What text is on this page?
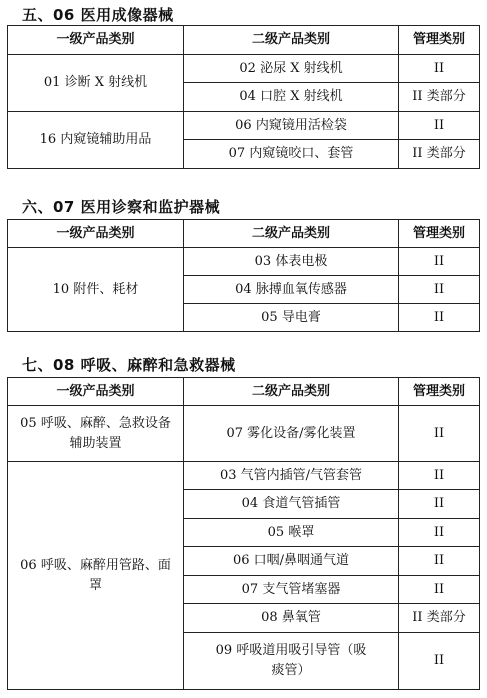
五、06 医用成像器械
一级产品类别	二级产品类别	管理类别
01 诊断 X 射线机	02 泌尿 X 射线机	II
	04 口腔 X 射线机	II 类部分
16 内窥镜辅助用品	06 内窥镜用活检袋	II
	07 内窥镜咬口、套管	II 类部分
六、07 医用诊察和监护器械
一级产品类别	二级产品类别	管理类别
10 附件、耗材	03 体表电极	II
	04 脉搏血氧传感器	II
	05 导电膏	II
七、08 呼吸、麻醉和急救器械
一级产品类别	二级产品类别	管理类别
05 呼吸、麻醉、急救设备辅助装置	07 雾化设备/雾化装置	II
06 呼吸、麻醉用管路、面罩	03 气管内插管/气管套管	II
	04 食道气管插管	II
	05 喉罩	II
	06 口咽/鼻咽通气道	II
	07 支气管堵塞器	II
	08 鼻氧管	II 类部分
	09 呼吸道用吸引导管（吸痰管）	II
